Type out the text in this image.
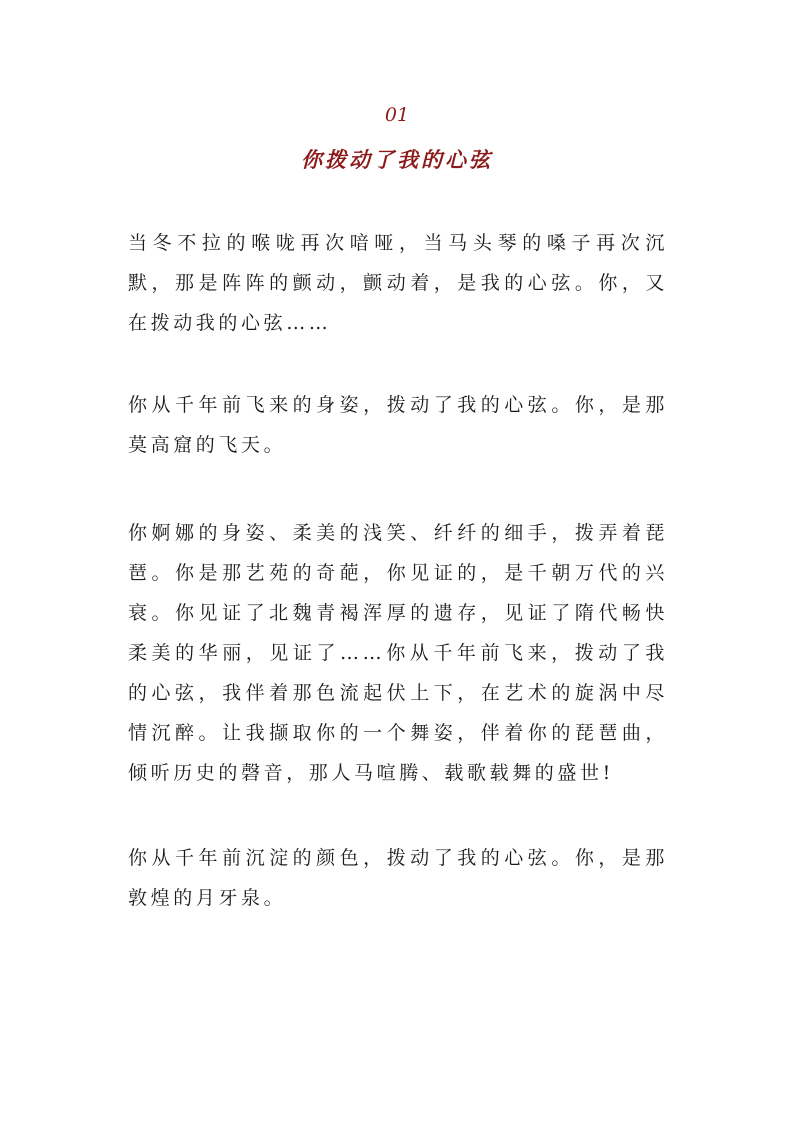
01
你拨动了我的心弦

当冬不拉的喉咙再次喑哑，当马头琴的嗓子再次沉默，那是阵阵的颤动，颤动着，是我的心弦。你，又在拨动我的心弦……

你从千年前飞来的身姿，拨动了我的心弦。你，是那莫高窟的飞天。

你婀娜的身姿、柔美的浅笑、纤纤的细手，拨弄着琵琶。你是那艺苑的奇葩，你见证的，是千朝万代的兴衰。你见证了北魏青褐浑厚的遗存，见证了隋代畅快柔美的华丽，见证了……你从千年前飞来，拨动了我的心弦，我伴着那色流起伏上下，在艺术的旋涡中尽情沉醉。让我撷取你的一个舞姿，伴着你的琵琶曲，倾听历史的磬音，那人马喧腾、载歌载舞的盛世!

你从千年前沉淀的颜色，拨动了我的心弦。你，是那敦煌的月牙泉。
